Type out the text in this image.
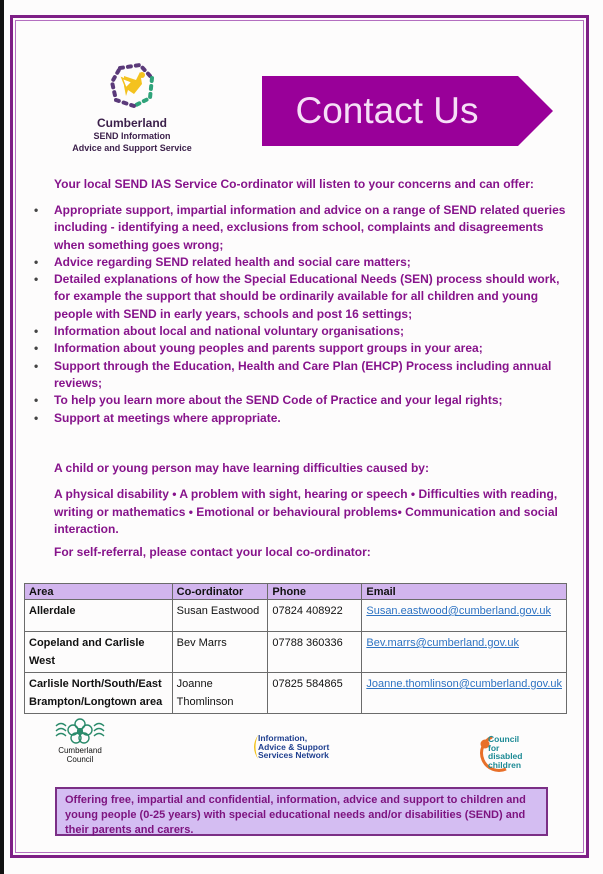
Cumberland
SEND Information
Advice and Support Service
Contact Us
Your local SEND IAS Service Co-ordinator will listen to your concerns and can offer:
• Appropriate support, impartial information and advice on a range of SEND related queries including - identifying a need, exclusions from school, complaints and disagreements when something goes wrong;
• Advice regarding SEND related health and social care matters;
• Detailed explanations of how the Special Educational Needs (SEN) process should work, for example the support that should be ordinarily available for all children and young people with SEND in early years, schools and post 16 settings;
• Information about local and national voluntary organisations;
• Information about young peoples and parents support groups in your area;
• Support through the Education, Health and Care Plan (EHCP) Process including annual reviews;
• To help you learn more about the SEND Code of Practice and your legal rights;
• Support at meetings where appropriate.
A child or young person may have learning difficulties caused by:
A physical disability • A problem with sight, hearing or speech • Difficulties with reading, writing or mathematics • Emotional or behavioural problems• Communication and social interaction.
For self-referral, please contact your local co-ordinator:
Area	Co-ordinator	Phone	Email
Allerdale	Susan Eastwood	07824 408922	Susan.eastwood@cumberland.gov.uk
Copeland and Carlisle West	Bev Marrs	07788 360336	Bev.marrs@cumberland.gov.uk
Carlisle North/South/East Brampton/Longtown area	Joanne Thomlinson	07825 584865	Joanne.thomlinson@cumberland.gov.uk
Cumberland
Council
Information,
Advice & Support
Services Network
Council
for disabled
children
Offering free, impartial and confidential, information, advice and support to children and young people (0-25 years) with special educational needs and/or disabilities (SEND) and their parents and carers.
